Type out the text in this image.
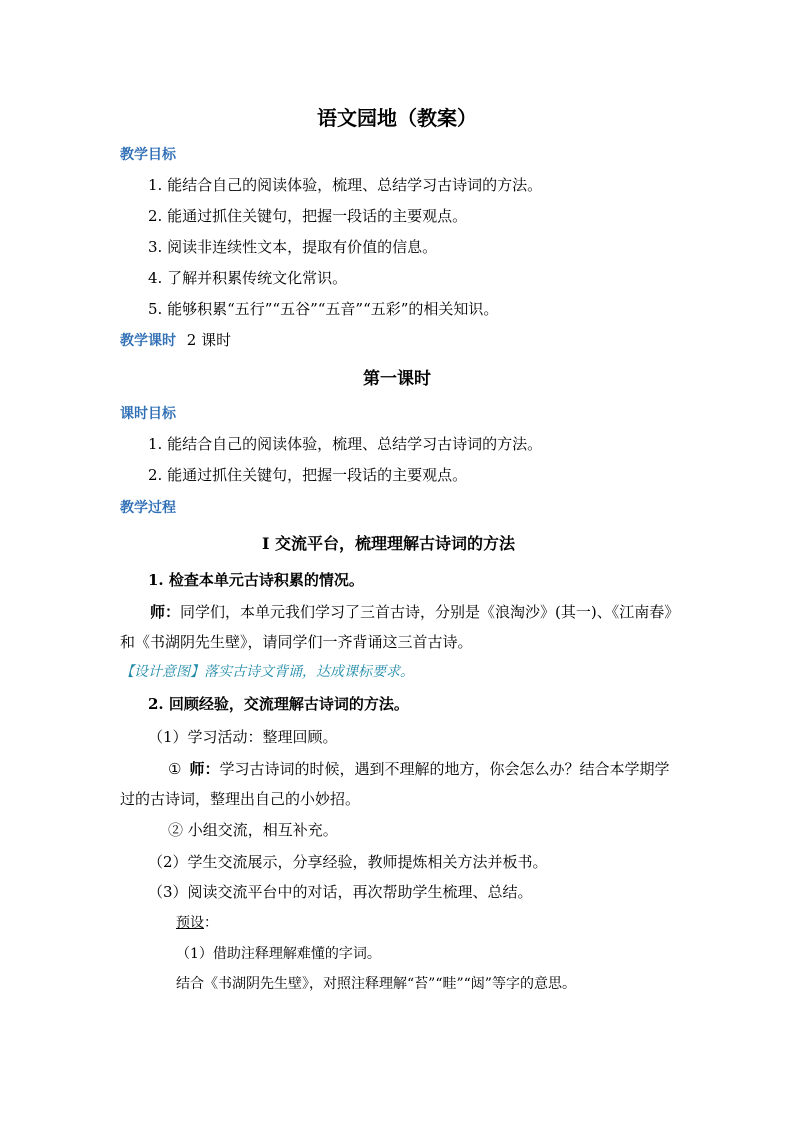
语文园地（教案）
教学目标
1. 能结合自己的阅读体验，梳理、总结学习古诗词的方法。
2. 能通过抓住关键句，把握一段话的主要观点。
3. 阅读非连续性文本，提取有价值的信息。
4. 了解并积累传统文化常识。
5. 能够积累“五行”“五谷”“五音”“五彩”的相关知识。
教学课时 2 课时
第一课时
课时目标
1. 能结合自己的阅读体验，梳理、总结学习古诗词的方法。
2. 能通过抓住关键句，把握一段话的主要观点。
教学过程
Ⅰ 交流平台，梳理理解古诗词的方法
1. 检查本单元古诗积累的情况。
师：同学们，本单元我们学习了三首古诗，分别是《浪淘沙》(其一)、《江南春》和《书湖阴先生壁》，请同学们一齐背诵这三首古诗。
【设计意图】落实古诗文背诵，达成课标要求。
2. 回顾经验，交流理解古诗词的方法。
（1）学习活动：整理回顾。
① 师：学习古诗词的时候，遇到不理解的地方，你会怎么办？结合本学期学过的古诗词，整理出自己的小妙招。
② 小组交流，相互补充。
（2）学生交流展示，分享经验，教师提炼相关方法并板书。
（3）阅读交流平台中的对话，再次帮助学生梳理、总结。
预设：
（1）借助注释理解难懂的字词。
结合《书湖阴先生壁》，对照注释理解“苔”“畦”“闼”等字的意思。
